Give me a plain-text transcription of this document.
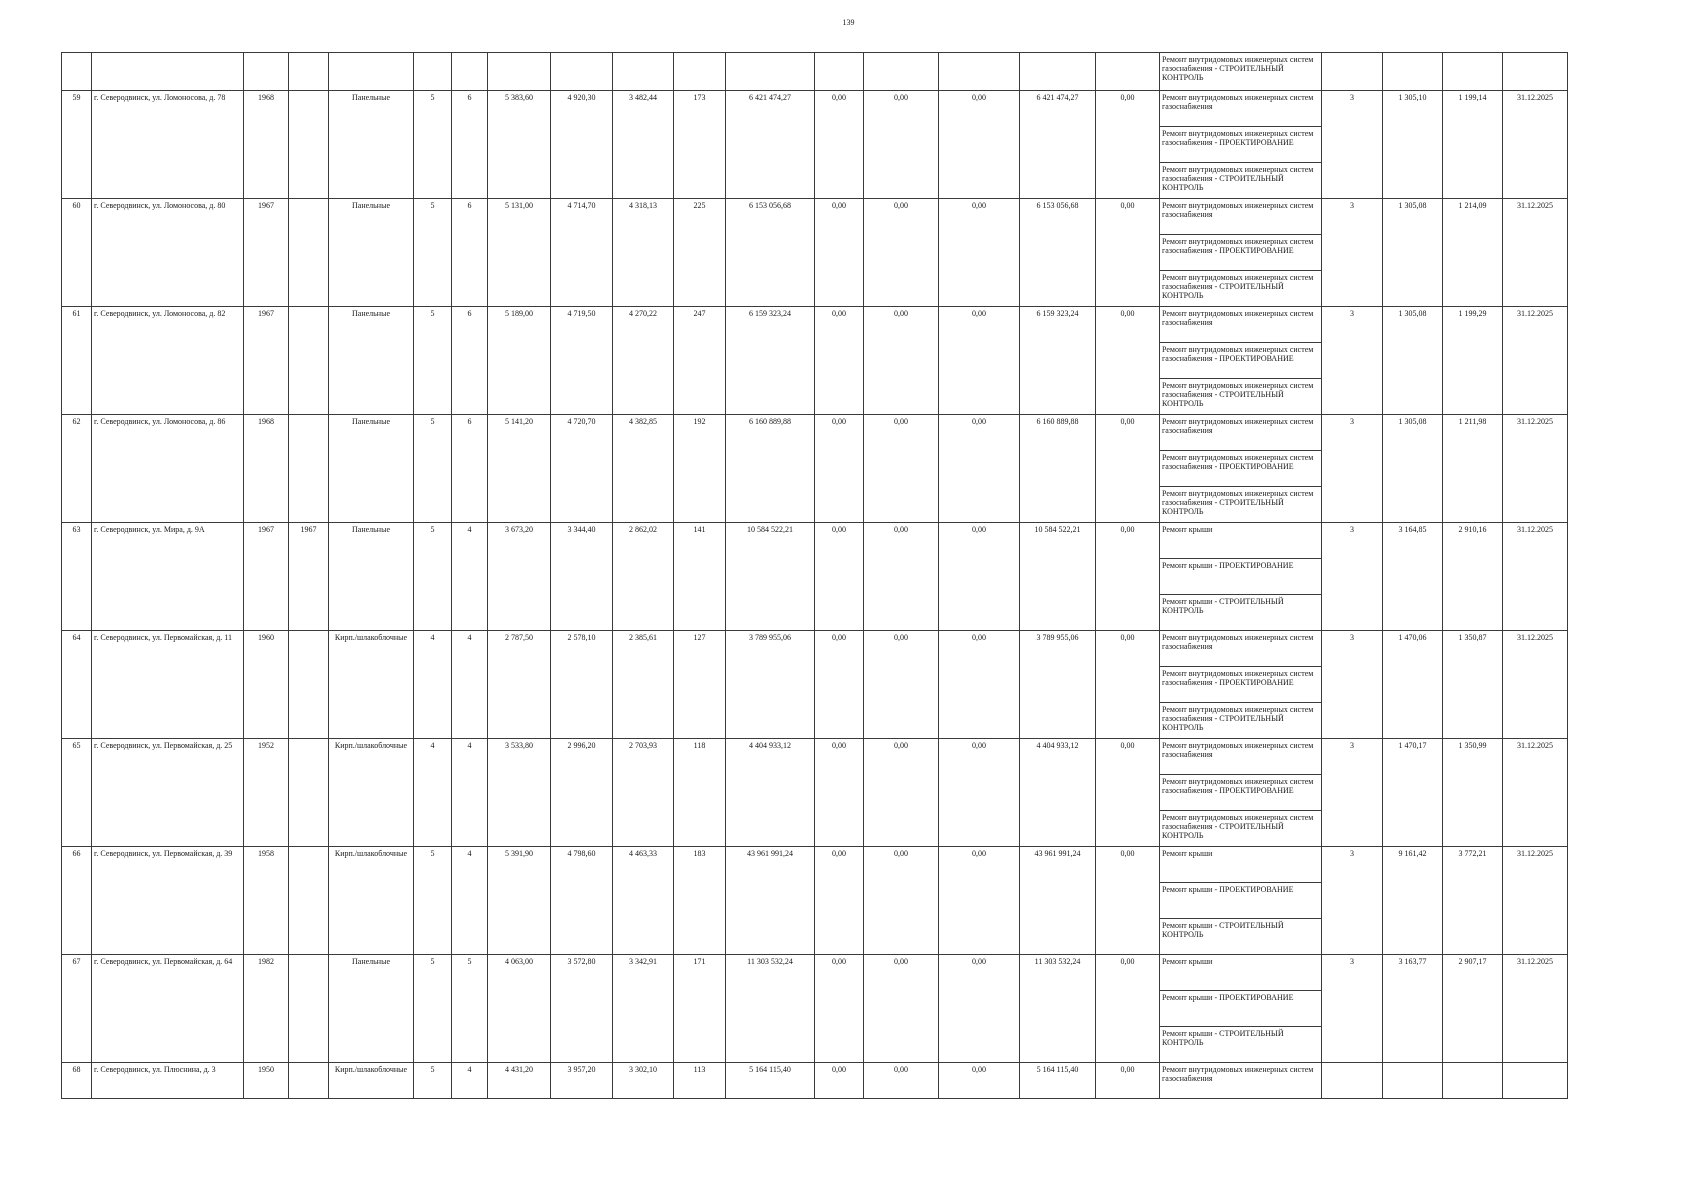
139
																	Ремонт внутридомовых инженерных систем газоснабжения - СТРОИТЕЛЬНЫЙ КОНТРОЛЬ				
59	г. Северодвинск, ул. Ломоносова, д. 78	1968		Панельные	5	6	5 383,60	4 920,30	3 482,44	173	6 421 474,27	0,00	0,00	0,00	6 421 474,27	0,00	Ремонт внутридомовых инженерных систем газоснабжения	3	1 305,10	1 199,14	31.12.2025
																	Ремонт внутридомовых инженерных систем газоснабжения - ПРОЕКТИРОВАНИЕ				
																	Ремонт внутридомовых инженерных систем газоснабжения - СТРОИТЕЛЬНЫЙ КОНТРОЛЬ				
60	г. Северодвинск, ул. Ломоносова, д. 80	1967		Панельные	5	6	5 131,00	4 714,70	4 318,13	225	6 153 056,68	0,00	0,00	0,00	6 153 056,68	0,00	Ремонт внутридомовых инженерных систем газоснабжения	3	1 305,08	1 214,09	31.12.2025
																	Ремонт внутридомовых инженерных систем газоснабжения - ПРОЕКТИРОВАНИЕ				
																	Ремонт внутридомовых инженерных систем газоснабжения - СТРОИТЕЛЬНЫЙ КОНТРОЛЬ				
61	г. Северодвинск, ул. Ломоносова, д. 82	1967		Панельные	5	6	5 189,00	4 719,50	4 270,22	247	6 159 323,24	0,00	0,00	0,00	6 159 323,24	0,00	Ремонт внутридомовых инженерных систем газоснабжения	3	1 305,08	1 199,29	31.12.2025
																	Ремонт внутридомовых инженерных систем газоснабжения - ПРОЕКТИРОВАНИЕ				
																	Ремонт внутридомовых инженерных систем газоснабжения - СТРОИТЕЛЬНЫЙ КОНТРОЛЬ				
62	г. Северодвинск, ул. Ломоносова, д. 86	1968		Панельные	5	6	5 141,20	4 720,70	4 382,85	192	6 160 889,88	0,00	0,00	0,00	6 160 889,88	0,00	Ремонт внутридомовых инженерных систем газоснабжения	3	1 305,08	1 211,98	31.12.2025
																	Ремонт внутридомовых инженерных систем газоснабжения - ПРОЕКТИРОВАНИЕ				
																	Ремонт внутридомовых инженерных систем газоснабжения - СТРОИТЕЛЬНЫЙ КОНТРОЛЬ				
63	г. Северодвинск, ул. Мира, д. 9А	1967	1967	Панельные	5	4	3 673,20	3 344,40	2 862,02	141	10 584 522,21	0,00	0,00	0,00	10 584 522,21	0,00	Ремонт крыши	3	3 164,85	2 910,16	31.12.2025
																	Ремонт крыши - ПРОЕКТИРОВАНИЕ				
																	Ремонт крыши - СТРОИТЕЛЬНЫЙ КОНТРОЛЬ				
64	г. Северодвинск, ул. Первомайская, д. 11	1960		Кирп./шлакоблочные	4	4	2 787,50	2 578,10	2 385,61	127	3 789 955,06	0,00	0,00	0,00	3 789 955,06	0,00	Ремонт внутридомовых инженерных систем газоснабжения	3	1 470,06	1 350,87	31.12.2025
																	Ремонт внутридомовых инженерных систем газоснабжения - ПРОЕКТИРОВАНИЕ				
																	Ремонт внутридомовых инженерных систем газоснабжения - СТРОИТЕЛЬНЫЙ КОНТРОЛЬ				
65	г. Северодвинск, ул. Первомайская, д. 25	1952		Кирп./шлакоблочные	4	4	3 533,80	2 996,20	2 703,93	118	4 404 933,12	0,00	0,00	0,00	4 404 933,12	0,00	Ремонт внутридомовых инженерных систем газоснабжения	3	1 470,17	1 350,99	31.12.2025
																	Ремонт внутридомовых инженерных систем газоснабжения - ПРОЕКТИРОВАНИЕ				
																	Ремонт внутридомовых инженерных систем газоснабжения - СТРОИТЕЛЬНЫЙ КОНТРОЛЬ				
66	г. Северодвинск, ул. Первомайская, д. 39	1958		Кирп./шлакоблочные	5	4	5 391,90	4 798,60	4 463,33	183	43 961 991,24	0,00	0,00	0,00	43 961 991,24	0,00	Ремонт крыши	3	9 161,42	3 772,21	31.12.2025
																	Ремонт крыши - ПРОЕКТИРОВАНИЕ				
																	Ремонт крыши - СТРОИТЕЛЬНЫЙ КОНТРОЛЬ				
67	г. Северодвинск, ул. Первомайская, д. 64	1982		Панельные	5	5	4 063,00	3 572,80	3 342,91	171	11 303 532,24	0,00	0,00	0,00	11 303 532,24	0,00	Ремонт крыши	3	3 163,77	2 907,17	31.12.2025
																	Ремонт крыши - ПРОЕКТИРОВАНИЕ				
																	Ремонт крыши - СТРОИТЕЛЬНЫЙ КОНТРОЛЬ				
68	г. Северодвинск, ул. Плюснина, д. 3	1950		Кирп./шлакоблочные	5	4	4 431,20	3 957,20	3 302,10	113	5 164 115,40	0,00	0,00	0,00	5 164 115,40	0,00	Ремонт внутридомовых инженерных систем газоснабжения				
